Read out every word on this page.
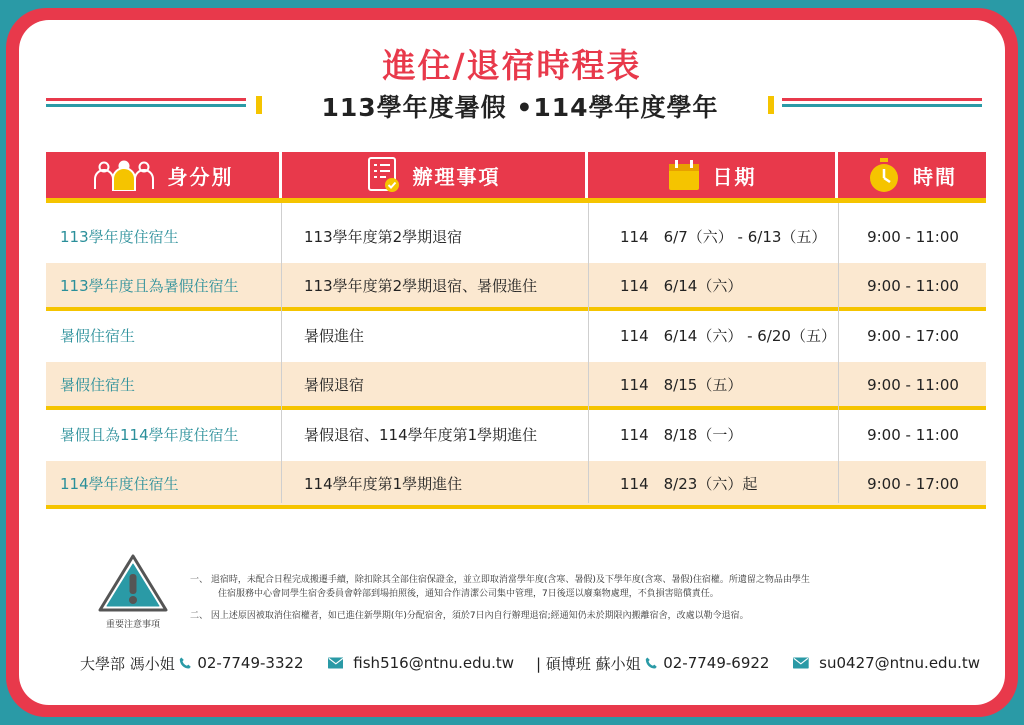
進住/退宿時程表
113學年度暑假 •114學年度學年
身分別	辦理事項	日期	時間
113學年度住宿生	113學年度第2學期退宿	114　6/7（六） - 6/13（五）	9:00 - 11:00
113學年度且為暑假住宿生	113學年度第2學期退宿、暑假進住	114　6/14（六）	9:00 - 11:00
暑假住宿生	暑假進住	114　6/14（六） - 6/20（五）	9:00 - 17:00
暑假住宿生	暑假退宿	114　8/15（五）	9:00 - 11:00
暑假且為114學年度住宿生	暑假退宿、114學年度第1學期進住	114　8/18（一）	9:00 - 11:00
114學年度住宿生	114學年度第1學期進住	114　8/23（六）起	9:00 - 17:00
重要注意事項
一、 退宿時，未配合日程完成搬遷手續，除扣除其全部住宿保證金，並立即取消當學年度(含寒、暑假)及下學年度(含寒、暑假)住宿權。所遺留之物品由學生
住宿服務中心會同學生宿舍委員會幹部到場拍照後，通知合作清潔公司集中管理，7日後逕以廢棄物處理，不負損害賠償責任。
二、 因上述原因被取消住宿權者，如已進住新學期(年)分配宿舍，須於7日內自行辦理退宿;經通知仍未於期限內搬離宿舍，改處以勒令退宿。
大學部 馮小姐 02-7749-3322	fish516@ntnu.edu.tw | 碩博班 蘇小姐 02-7749-6922	su0427@ntnu.edu.tw
